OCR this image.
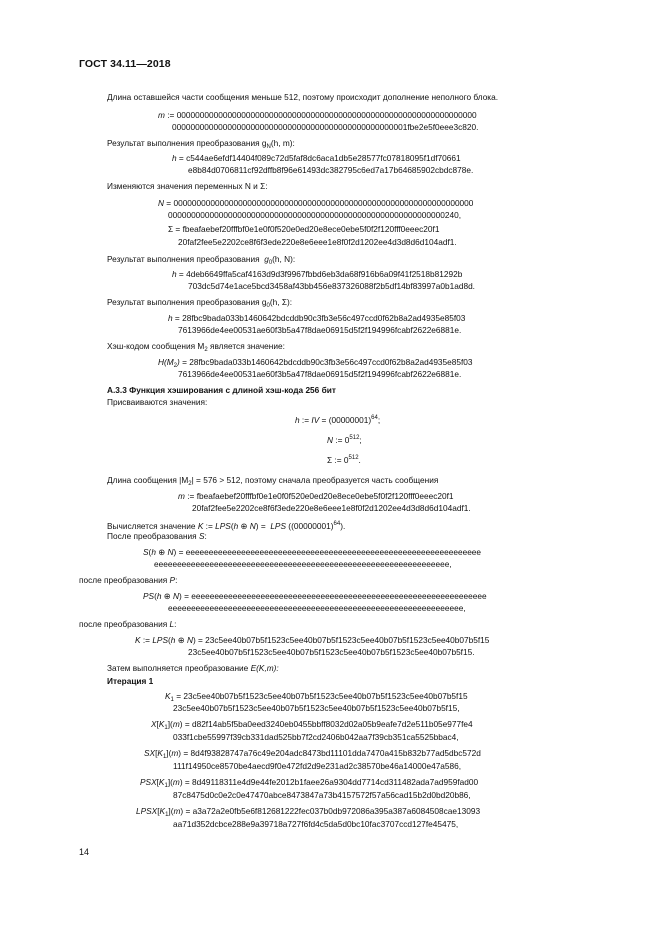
ГОСТ 34.11—2018
Длина оставшейся части сообщения меньше 512, поэтому происходит дополнение неполного блока.
m := 00000000000000000000000000000000000000000000000000000000000000000
000000000000000000000000000000000000000000000000001fbe2e5f0eee3c820.
Результат выполнения преобразования $g_N(h$, m):
h = c544ae6efdf14404f089c72d5faf8dc6aca1db5e28577fc07818095f1df70661
e8b84d0706811cf92dffb8f96e61493dc382795c6ed7a17b64685902cbdc878e.
Изменяются значения переменных N и Σ:
N = 00000000000000000000000000000000000000000000000000000000000000000
000000000000000000000000000000000000000000000000000000000000240,
Σ = fbeafaebef20fffbf0e1e0f0f520e0ed20e8ece0ebe5f0f2f120fff0eeec20f1
20faf2fee5e2202ce8f6f3ede220e8e6eee1e8f0f2d1202ee4d3d8d6d104adf1.
Результат выполнения преобразования $g_0(h$, N):
h = 4deb6649ffa5caf4163d9d3f9967fbbd6eb3da68f916b6a09f41f2518b81292b
703dc5d74e1ace5bcd3458af43bb456e837326088f2b5df14bf83997a0b1ad8d.
Результат выполнения преобразования $g_0(h$, Σ):
h = 28fbc9bada033b1460642bdcddb90c3fb3e56c497ccd0f62b8a2ad4935e85f03
7613966de4ee00531ae60f3b5a47f8dae06915d5f2f194996fcabf2622e6881e.
Хэш-кодом сообщения $M_2$ является значение:
$H(M_2)$ = 28fbc9bada033b1460642bdcddb90c3fb3e56c497ccd0f62b8a2ad4935e85f03
7613966de4ee00531ae60f3b5a47f8dae06915d5f2f194996fcabf2622e6881e.
А.3.3 Функция хэширования с длиной хэш-кода 256 бит
Присваиваются значения:
h := IV = $(00000001)^{64}$;
N := $0^{512}$;
Σ := $0^{512}$.
Длина сообщения $|M_2| = 576 > 512$, поэтому сначала преобразуется часть сообщения
m := fbeafaebef20fffbf0e1e0f0f520e0ed20e8ece0ebe5f0f2f120fff0eeec20f1
20faf2fee5e2202ce8f6f3ede220e8e6eee1e8f0f2d1202ee4d3d8d6d104adf1.
Вычисляется значение K := LPS(h ⊕ N) =  LPS $((00000001)^{64})$.
После преобразования S:
S(h ⊕ N) = eeeeeeeeeeeeeeeeeeeeeeeeeeeeeeeeeeeeeeeeeeeeeeeeeeeeeeeeeeeeeeee
eeeeeeeeeeeeeeeeeeeeeeeeeeeeeeeeeeeeeeeeeeeeeeeeeeeeeeeeeeeeeeee,
после преобразования P:
PS(h ⊕ N) = eeeeeeeeeeeeeeeeeeeeeeeeeeeeeeeeeeeeeeeeeeeeeeeeeeeeeeeeeeeeeeee
eeeeeeeeeeeeeeeeeeeeeeeeeeeeeeeeeeeeeeeeeeeeeeeeeeeeeeeeeeeeeeee,
после преобразования L:
K := LPS(h ⊕ N) = 23c5ee40b07b5f1523c5ee40b07b5f1523c5ee40b07b5f1523c5ee40b07b5f15
23c5ee40b07b5f1523c5ee40b07b5f1523c5ee40b07b5f1523c5ee40b07b5f15.
Затем выполняется преобразование E(K,m):
Итерация 1
$K_1 = 23c5ee40b07b5f1523c5ee40b07b5f1523c5ee40b07b5f1523c5ee40b07b5f15$
23c5ee40b07b5f1523c5ee40b07b5f1523c5ee40b07b5f1523c5ee40b07b5f15,
$X[K_1](m)$ = d82f14ab5f5ba0eed3240eb0455bbff8032d02a05b9eafe7d2e511b05e977fe4
033f1cbe55997f39cb331dad525bb7f2cd2406b042aa7f39cb351ca5525bbac4,
$SX[K_1](m) = 8d4f93828747a76c49e204adc8473bd11101dda7470a415b832b77ad5dbc572d$
111f14950ce8570be4aecd9f0e472fd2d9e231ad2c38570be46a14000e47a586,
$PSX[K_1](m)$ = 8d49118311e4d9e44fe2012b1faee26a9304dd7714cd311482ada7ad959fad00
87c8475d0c0e2c0e47470abce8473847a73b4157572f57a56cad15b2d0bd20b86,
$LPSX[K_1](m) = a3a72a2e0fb5e6f812681222fec037b0db972086a395a387a6084508cae13093$
aa71d352dcbce288e9a39718a727f6fd4c5da5d0bc10fac3707ccd127fe45475,
14
